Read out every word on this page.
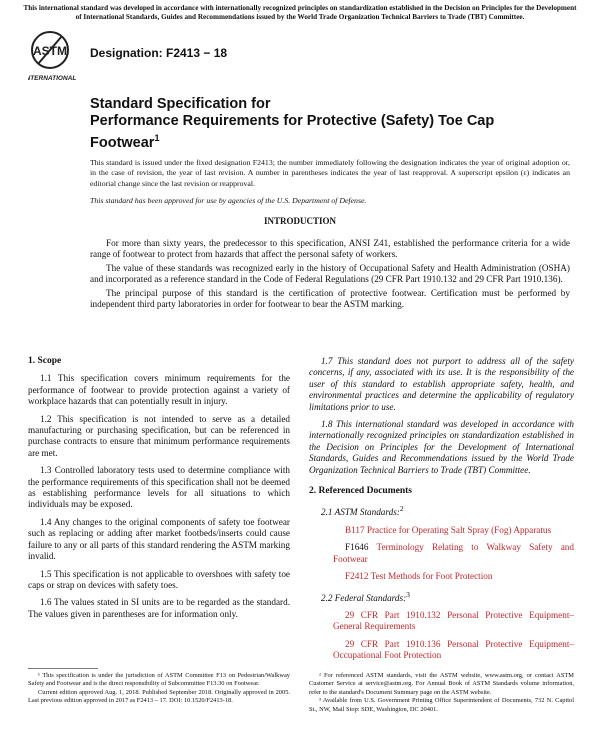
This international standard was developed in accordance with internationally recognized principles on standardization established in the Decision on Principles for the Development of International Standards, Guides and Recommendations issued by the World Trade Organization Technical Barriers to Trade (TBT) Committee.
ASTM
INTERNATIONAL
Designation: F2413 − 18
Standard Specification for
Performance Requirements for Protective (Safety) Toe Cap Footwear$^1$
This standard is issued under the fixed designation F2413; the number immediately following the designation indicates the year of original adoption or, in the case of revision, the year of last revision. A number in parentheses indicates the year of last reapproval. A superscript epsilon (ε) indicates an editorial change since the last revision or reapproval.
This standard has been approved for use by agencies of the U.S. Department of Defense.
INTRODUCTION

For more than sixty years, the predecessor to this specification, ANSI Z41, established the performance criteria for a wide range of footwear to protect from hazards that affect the personal safety of workers.

The value of these standards was recognized early in the history of Occupational Safety and Health Administration (OSHA) and incorporated as a reference standard in the Code of Federal Regulations (29 CFR Part 1910.132 and 29 CFR Part 1910.136).

The principal purpose of this standard is the certification of protective footwear. Certification must be performed by independent third party laboratories in order for footwear to bear the ASTM marking.

1. Scope

1.1 This specification covers minimum requirements for the performance of footwear to provide protection against a variety of workplace hazards that can potentially result in injury.

1.2 This specification is not intended to serve as a detailed manufacturing or purchasing specification, but can be referenced in purchase contracts to ensure that minimum performance requirements are met.

1.3 Controlled laboratory tests used to determine compliance with the performance requirements of this specification shall not be deemed as establishing performance levels for all situations to which individuals may be exposed.

1.4 Any changes to the original components of safety toe footwear such as replacing or adding after market footbeds/inserts could cause failure to any or all parts of this standard rendering the ASTM marking invalid.

1.5 This specification is not applicable to overshoes with safety toe caps or strap on devices with safety toes.

1.6 The values stated in SI units are to be regarded as the standard. The values given in parentheses are for information only.

1.7 This standard does not purport to address all of the safety concerns, if any, associated with its use. It is the responsibility of the user of this standard to establish appropriate safety, health, and environmental practices and determine the applicability of regulatory limitations prior to use.

1.8 This international standard was developed in accordance with internationally recognized principles on standardization established in the Decision on Principles for the Development of International Standards, Guides and Recommendations issued by the World Trade Organization Technical Barriers to Trade (TBT) Committee.

2. Referenced Documents

2.1 ASTM Standards:$^2$

B117 Practice for Operating Salt Spray (Fog) Apparatus

F1646 Terminology Relating to Walkway Safety and Footwear

F2412 Test Methods for Foot Protection

2.2 Federal Standards:$^3$

29 CFR Part 1910.132 Personal Protective Equipment–General Requirements

29 CFR Part 1910.136 Personal Protective Equipment–Occupational Foot Protection

¹ This specification is under the jurisdiction of ASTM Committee F13 on Pedestrian/Walkway Safety and Footwear and is the direct responsibility of Subcommittee F13.30 on Footwear.

Current edition approved Aug. 1, 2018. Published September 2018. Originally approved in 2005. Last previous edition approved in 2017 as F2413 – 17. DOI: 10.1520/F2413-18.

² For referenced ASTM standards, visit the ASTM website, www.astm.org, or contact ASTM Customer Service at service@astm.org. For Annual Book of ASTM Standards volume information, refer to the standard's Document Summary page on the ASTM website.

³ Available from U.S. Government Printing Office Superintendent of Documents, 732 N. Capitol St., NW, Mail Stop: SDE, Washington, DC 20401.
